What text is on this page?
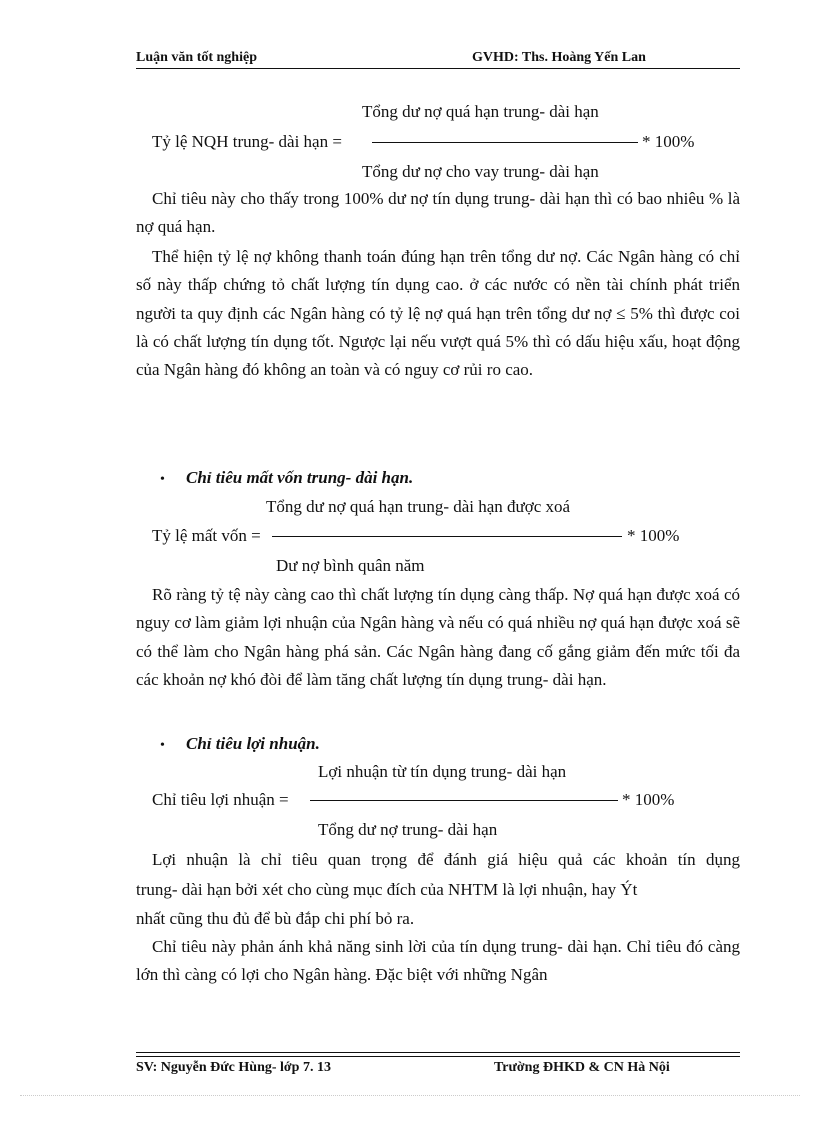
Luận văn tốt nghiệp	GVHD: Ths. Hoàng Yến Lan
Tổng dư nợ quá hạn trung- dài hạn
Tỷ lệ NQH trung- dài hạn =	* 100%
Tổng dư nợ cho vay trung- dài hạn
Chỉ tiêu này cho thấy trong 100% dư nợ tín dụng trung- dài hạn thì có bao nhiêu % là nợ quá hạn.
Thể hiện tỷ lệ nợ không thanh toán đúng hạn trên tổng dư nợ. Các Ngân hàng có chỉ số này thấp chứng tỏ chất lượng tín dụng cao. ở các nước có nền tài chính phát triển người ta quy định các Ngân hàng có tỷ lệ nợ quá hạn trên tổng dư nợ ≤ 5% thì được coi là có chất lượng tín dụng tốt. Ngược lại nếu vượt quá 5% thì có dấu hiệu xấu, hoạt động của Ngân hàng đó không an toàn và có nguy cơ rủi ro cao.
• Chỉ tiêu mất vốn trung- dài hạn.
Tổng dư nợ quá hạn trung- dài hạn được xoá
Tỷ lệ mất vốn =	* 100%
Dư nợ bình quân năm
Rõ ràng tỷ tệ này càng cao thì chất lượng tín dụng càng thấp. Nợ quá hạn được xoá có nguy cơ làm giảm lợi nhuận của Ngân hàng và nếu có quá nhiều nợ quá hạn được xoá sẽ có thể làm cho Ngân hàng phá sản. Các Ngân hàng đang cố gắng giảm đến mức tối đa các khoản nợ khó đòi để làm tăng chất lượng tín dụng trung- dài hạn.
• Chỉ tiêu lợi nhuận.
Lợi nhuận từ tín dụng trung- dài hạn
Chỉ tiêu lợi nhuận =	* 100%
Tổng dư nợ trung- dài hạn
Lợi nhuận là chỉ tiêu quan trọng để đánh giá hiệu quả các khoản tín dụng
trung- dài hạn bởi xét cho cùng mục đích của NHTM là lợi nhuận, hay Ýt
nhất cũng thu đủ để bù đắp chi phí bỏ ra.
Chỉ tiêu này phản ánh khả năng sinh lời của tín dụng trung- dài hạn. Chỉ tiêu đó càng lớn thì càng có lợi cho Ngân hàng. Đặc biệt với những Ngân
SV: Nguyễn Đức Hùng- lớp 7. 13	Trường ĐHKD & CN Hà Nội
